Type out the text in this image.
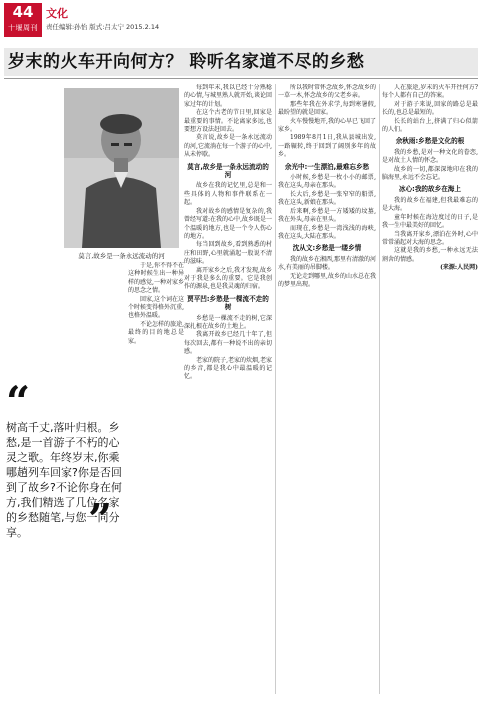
44
十堰周刊
文化
责任编辑:孙怡 版式:吕太宁 2015.2.14
岁末的火车开向何方？ 聆听名家道不尽的乡愁
莫言,故乡是一条永远流动的河
“
树高千丈,落叶归根。乡愁,是一首游子不朽的心灵之歌。年终岁末,你乘哪趟列车回家?你是否回到了故乡?不论你身在何方,我们精选了几位名家的乡愁随笔,与您一同分享。	”

于是,你不得不在这种时候生出一种异样的感觉,一种对家乡的思念之情。

回家,这个词在这个时候变得格外沉重,也格外温暖。

不论怎样的旅途,最终的目的地总是家。

每到年末,我以已经十分熟稔的心情,与城里熟人就开始,谈论回家过年的计划。

在这个古老的节日里,回家是最重要的事情。不论离家多远,也要想方设法赶回去。

莫言说,故乡是一条永远流动的河,它流淌在每一个游子的心中,从未停歇。

莫言,故乡是一条永远流动的河

故乡在我的记忆里,总是和一些具体的人物和事件联系在一起。

我对故乡的感情是复杂的,我曾经写道:在我的心中,故乡既是一个温暖的地方,也是一个令人伤心的地方。

每当回到故乡,看到熟悉的村庄和田野,心里就涌起一股说不清的滋味。

离开家乡之后,我才发现,故乡对于我是多么的重要。它是我创作的源泉,也是我灵魂的归宿。

贾平凹:乡愁是一棵流不走的树

乡愁是一棵流不走的树,它深深扎根在故乡的土地上。

我离开故乡已经几十年了,但每次回去,都有一种说不出的亲切感。

老家的院子,老家的炊烟,老家的乡音,都是我心中最温暖的记忆。

所以我时常怀念故乡,怀念故乡的一草一木,怀念故乡的父老乡亲。

那些年我在外求学,每到寒暑假,最盼望的就是回家。

火车慢慢地开,我的心早已飞回了家乡。

1989年8月1日,我从县城出发,一路辗转,终于回到了阔别多年的故乡。

余光中:一生漂泊,最难忘乡愁

小时候,乡愁是一枚小小的邮票,我在这头,母亲在那头。

长大后,乡愁是一张窄窄的船票,我在这头,新娘在那头。

后来啊,乡愁是一方矮矮的坟墓,我在外头,母亲在里头。

而现在,乡愁是一湾浅浅的海峡,我在这头,大陆在那头。

沈从文:乡愁是一缕乡情

我的故乡在湘西,那里有清澈的河水,有美丽的吊脚楼。

无论走到哪里,故乡的山水总在我的梦里出现。

人在旅途,岁末的火车开往何方?每个人都有自己的答案。

对于游子来说,回家的路总是最长的,也总是最短的。

长长的站台上,挤满了归心似箭的人们。

余秋雨:乡愁是文化的根

我的乡愁,是对一种文化的眷恋,是对故土人情的怀念。

故乡的一切,都深深地印在我的脑海里,永远不会忘记。

冰心:我的故乡在海上

我的故乡在福建,但我最难忘的是大海。

童年时候在海边度过的日子,是我一生中最美好的回忆。

当我离开家乡,漂泊在外时,心中常常涌起对大海的思念。

这就是我的乡愁,一种永远无法割舍的情感。

(来源:人民网)
